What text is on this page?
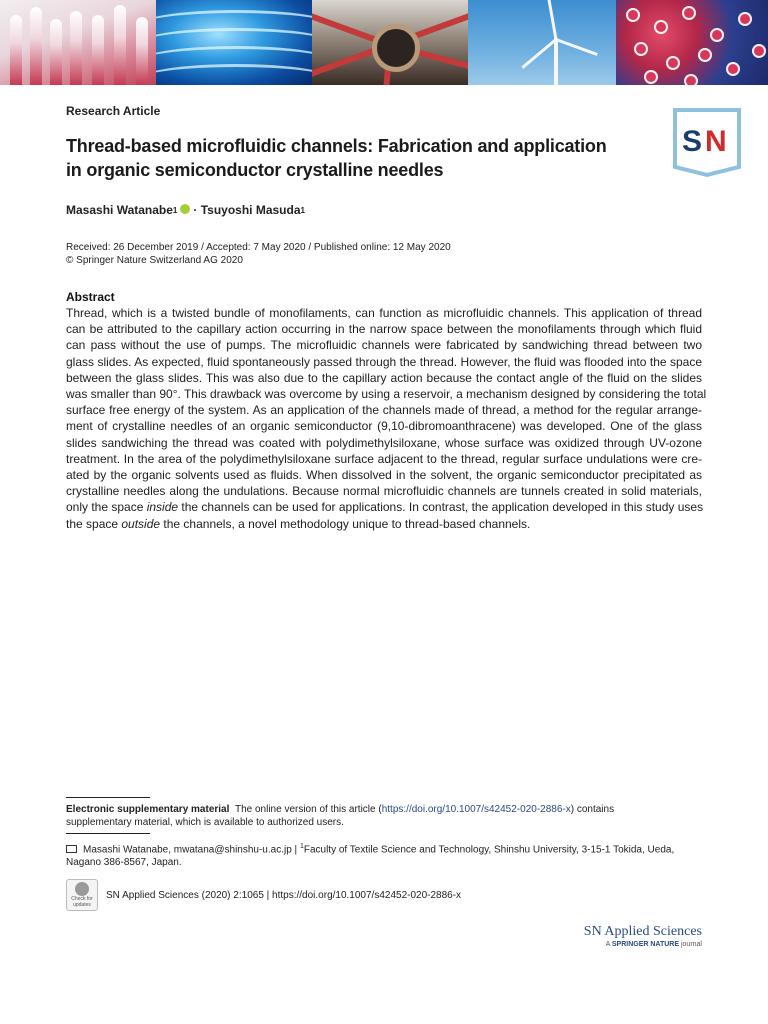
Research Article
Thread-based microfluidic channels: Fabrication and application
in organic semiconductor crystalline needles
S N
Masashi Watanabe 1 ·
Tsuyoshi Masuda 1
Received: 26 December 2019 / Accepted: 7 May 2020 / Published online: 12 May 2020
© Springer Nature Switzerland AG 2020
Abstract

Thread, which is a twisted bundle of monofilaments, can function as microfluidic channels. This application of thread

can be attributed to the capillary action occurring in the narrow space between the monofilaments through which fluid

can pass without the use of pumps. The microfluidic channels were fabricated by sandwiching thread between two

glass slides. As expected, fluid spontaneously passed through the thread. However, the fluid was flooded into the space

between the glass slides. This was also due to the capillary action because the contact angle of the fluid on the slides

was smaller than 90°. This drawback was overcome by using a reservoir, a mechanism designed by considering the total

surface free energy of the system. As an application of the channels made of thread, a method for the regular arrange-

ment of crystalline needles of an organic semiconductor (9,10-dibromoanthracene) was developed. One of the glass

slides sandwiching the thread was coated with polydimethylsiloxane, whose surface was oxidized through UV-ozone

treatment. In the area of the polydimethylsiloxane surface adjacent to the thread, regular surface undulations were cre-

ated by the organic solvents used as fluids. When dissolved in the solvent, the organic semiconductor precipitated as

crystalline needles along the undulations. Because normal microfluidic channels are tunnels created in solid materials,

only the space inside the channels can be used for applications. In contrast, the application developed in this study uses

the space outside the channels, a novel methodology unique to thread-based channels.

Electronic supplementary material The online version of this article (https://doi.org/10.1007/s42452-020-2886-x) contains
supplementary material, which is available to authorized users.
Masashi Watanabe, mwatana@shinshu-u.ac.jp | $^1$Faculty of Textile Science and Technology, Shinshu University, 3-15-1 Tokida, Ueda,
Nagano 386-8567, Japan.
Check for
updates
SN Applied Sciences (2020) 2:1065 | https://doi.org/10.1007/s42452-020-2886-x
SN Applied Sciences
A SPRINGER NATURE journal
